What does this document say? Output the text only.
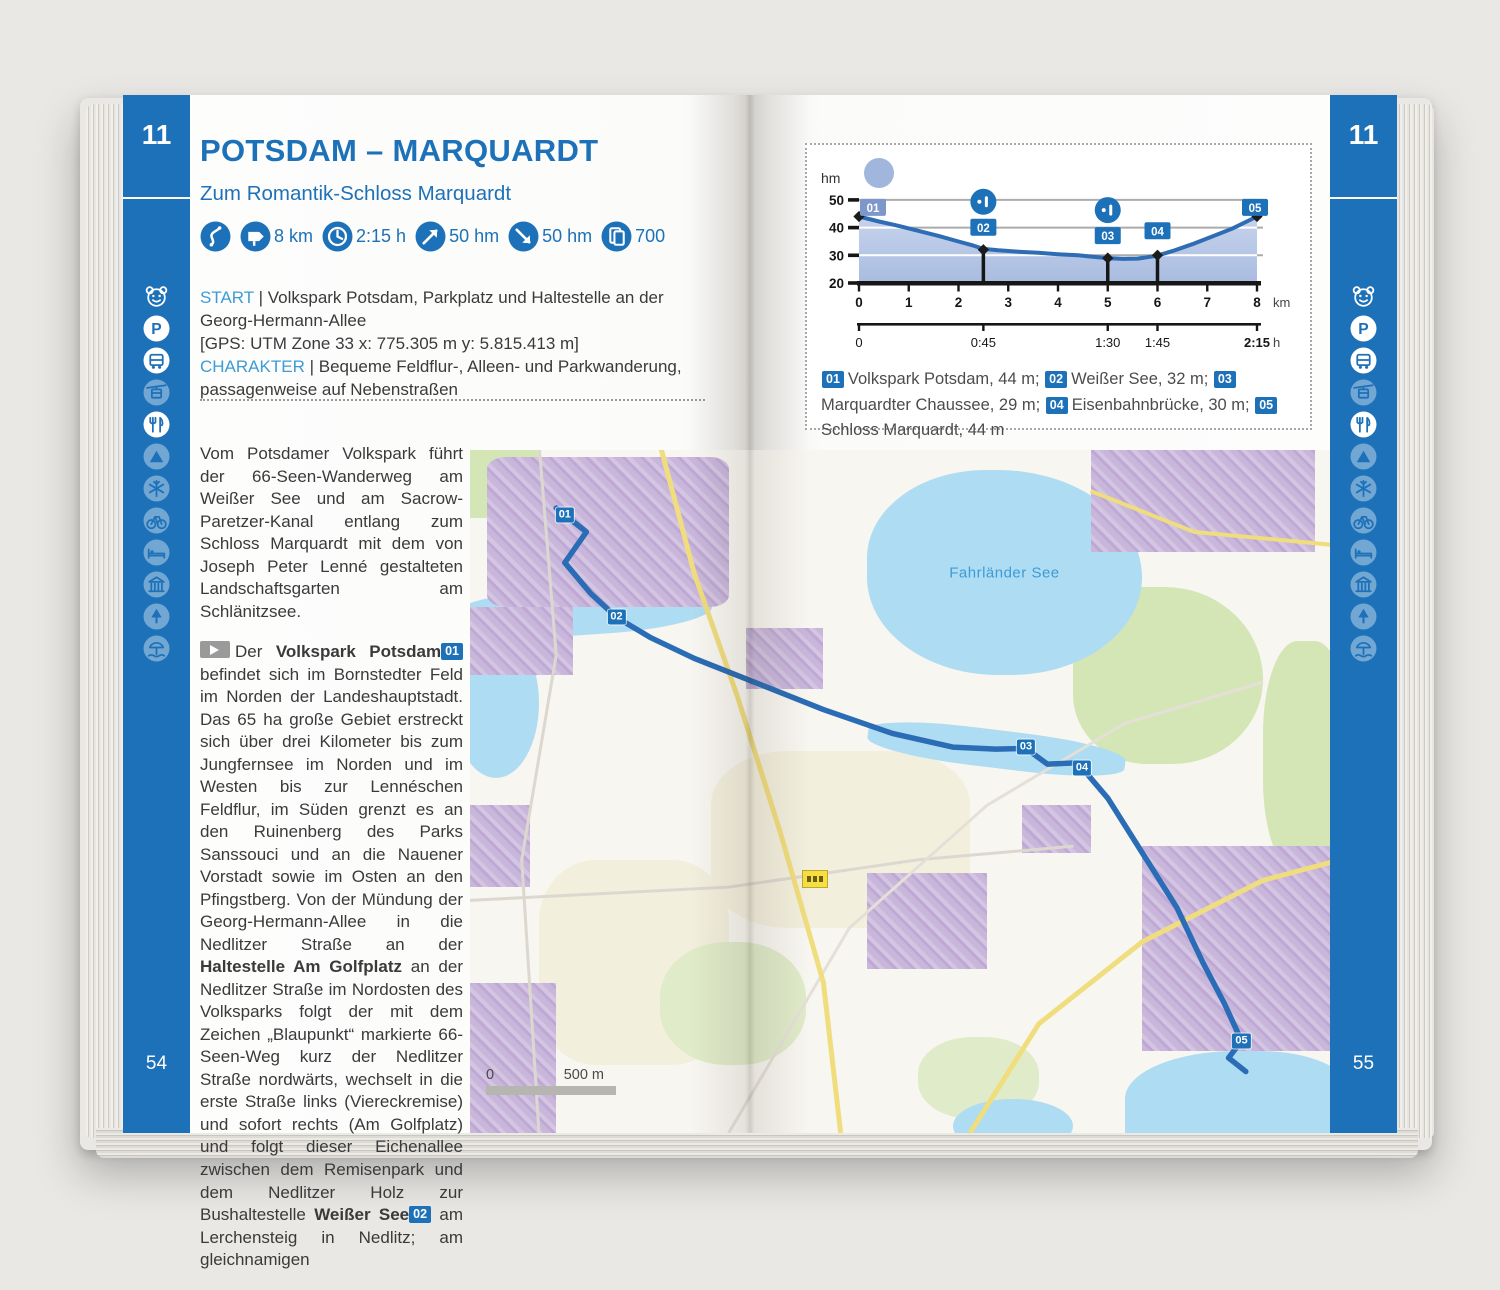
11
P
54
11
P
55
POTSDAM – MARQUARDT
Zum Romantik-Schloss Marquardt
8 km 2:15 h 50 hm 50 hm 700
START | Volkspark Potsdam, Parkplatz und Haltestelle an der Georg-Hermann-Allee
[GPS: UTM Zone 33 x: 775.305 m y: 5.815.413 m]
CHARAKTER | Bequeme Feldflur-, Alleen- und Parkwanderung, passagenweise auf Nebenstraßen

Vom Potsdamer Volkspark führt der 66-Seen-Wanderweg am Weißer See und am Sacrow-Paretzer-Kanal entlang zum Schloss Marquardt mit dem von Joseph Peter Lenné gestalteten Landschaftsgarten am Schlänitzsee.

Der Volkspark Potsdam 01 befindet sich im Bornstedter Feld im Norden der Landeshauptstadt. Das 65 ha große Gebiet erstreckt sich über drei Kilometer bis zum Jungfernsee im Norden und im Westen bis zur Lennéschen Feldflur, im Süden grenzt es an den Ruinenberg des Parks Sanssouci und an die Nauener Vorstadt sowie im Osten an den Pfingstberg. Von der Mündung der Georg-Hermann-Allee in die Nedlitzer Straße an der Haltestelle Am Golfplatz an der Nedlitzer Straße im Nordosten des Volksparks folgt der mit dem Zeichen „Blaupunkt“ markierte 66-Seen-Weg kurz der Nedlitzer Straße nordwärts, wechselt in die erste Straße links (Viereckremise) und sofort rechts (Am Golfplatz) und folgt dieser Eichenallee zwischen dem Remisenpark und dem Nedlitzer Holz zur Bushaltestelle Weißer See 02 am Lerchensteig in Nedlitz; am gleichnamigen

Fahrländer See
01
02
03
04
05
0	500 m
01
02
03	04
05
hm
20
30
40
50
0	1	2	3	4	5	6	7	8 km
0	0:45	1:30 1:45	2:15 h
01 Volkspark Potsdam, 44 m; 02 Weißer See, 32 m; 03Marquardter Chaussee, 29 m; 04 Eisenbahnbrücke, 30 m; 05Schloss Marquardt, 44 m
